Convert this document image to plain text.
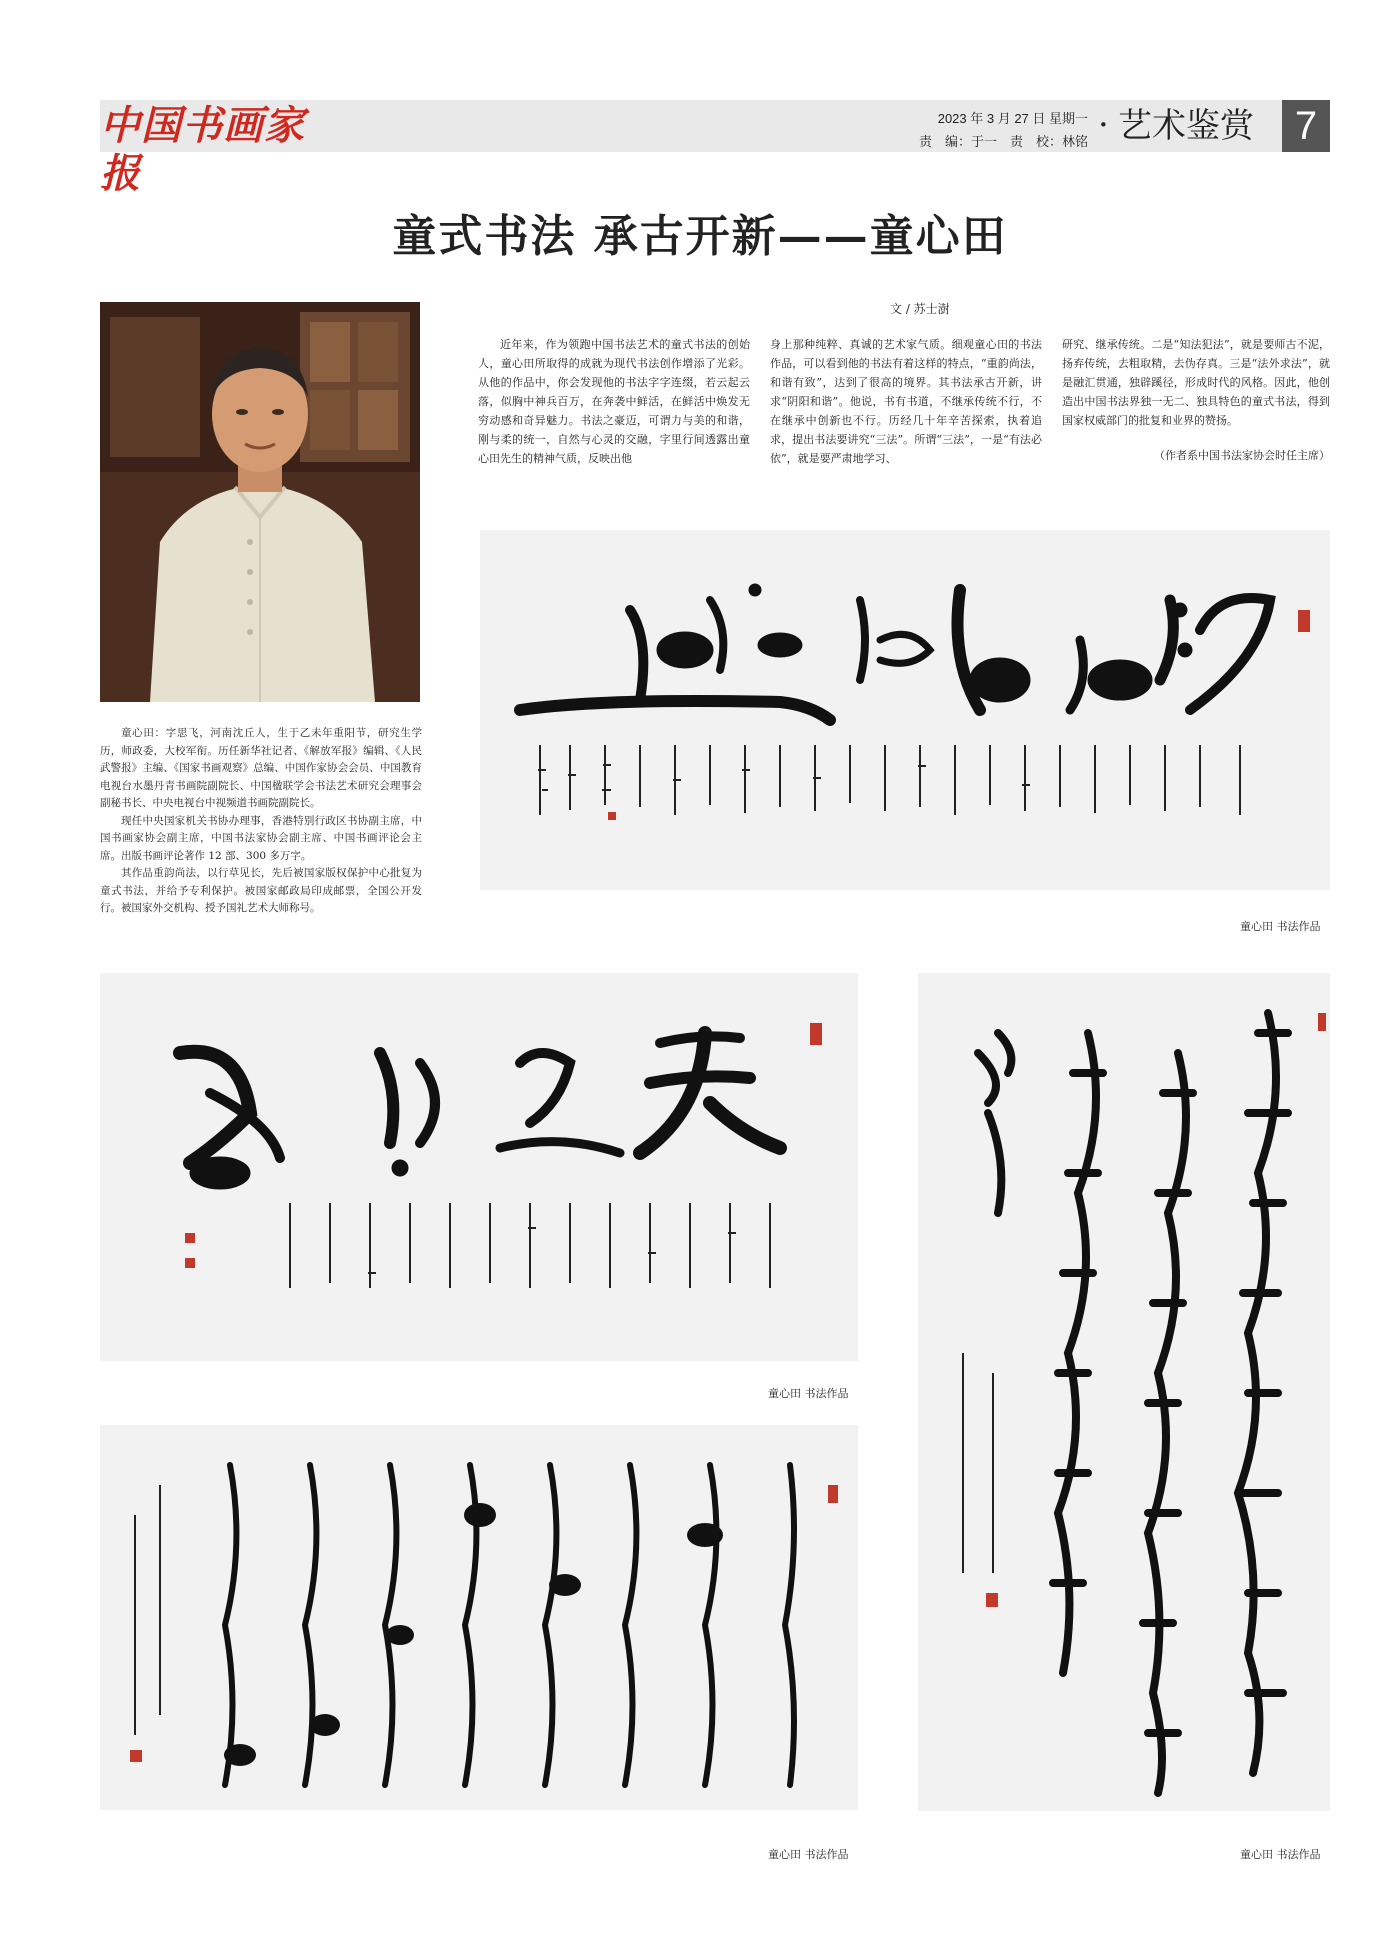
中国书画家报
2023 年 3 月 27 日 星期一
责　编：于一　责　校：林铭 · 艺术鉴赏	7
童式书法 承古开新——童心田
文 / 苏士澍

童心田：字思飞，河南沈丘人，生于乙未年重阳节，研究生学历，师政委，大校军衔。历任新华社记者、《解放军报》编辑、《人民武警报》主编、《国家书画观察》总编、中国作家协会会员、中国教育电视台水墨丹青书画院副院长、中国楹联学会书法艺术研究会理事会副秘书长、中央电视台中视频道书画院副院长。

现任中央国家机关书协办理事，香港特别行政区书协副主席，中国书画家协会副主席，中国书法家协会副主席、中国书画评论会主席。出版书画评论著作 12 部、300 多万字。

其作品重韵尚法，以行草见长，先后被国家版权保护中心批复为童式书法，并给予专利保护。被国家邮政局印成邮票，全国公开发行。被国家外交机构、授予国礼艺术大师称号。

近年来，作为领跑中国书法艺术的童式书法的创始人，童心田所取得的成就为现代书法创作增添了光彩。从他的作品中，你会发现他的书法字字连缀，若云起云落，似胸中神兵百万，在奔袭中鲜活，在鲜活中焕发无穷动感和奇异魅力。书法之豪迈，可谓力与美的和谐，刚与柔的统一，自然与心灵的交融，字里行间透露出童心田先生的精神气质，反映出他
身上那种纯粹、真诚的艺术家气质。细观童心田的书法作品，可以看到他的书法有着这样的特点，“重韵尚法，和谐有致”，达到了很高的境界。其书法承古开新，讲求“阴阳和谐”。他说，书有书道，不继承传统不行，不在继承中创新也不行。历经几十年辛苦探索，执着追求，提出书法要讲究“三法”。所谓“三法”，一是“有法必依”，就是要严肃地学习、
研究、继承传统。二是“知法犯法”，就是要师古不泥，扬弃传统，去粗取精，去伪存真。三是“法外求法”，就是融汇贯通，独辟蹊径，形成时代的风格。因此，他创造出中国书法界独一无二、独具特色的童式书法，得到国家权威部门的批复和业界的赞扬。
（作者系中国书法家协会时任主席）
童心田 书法作品
童心田 书法作品
童心田 书法作品	童心田 书法作品
